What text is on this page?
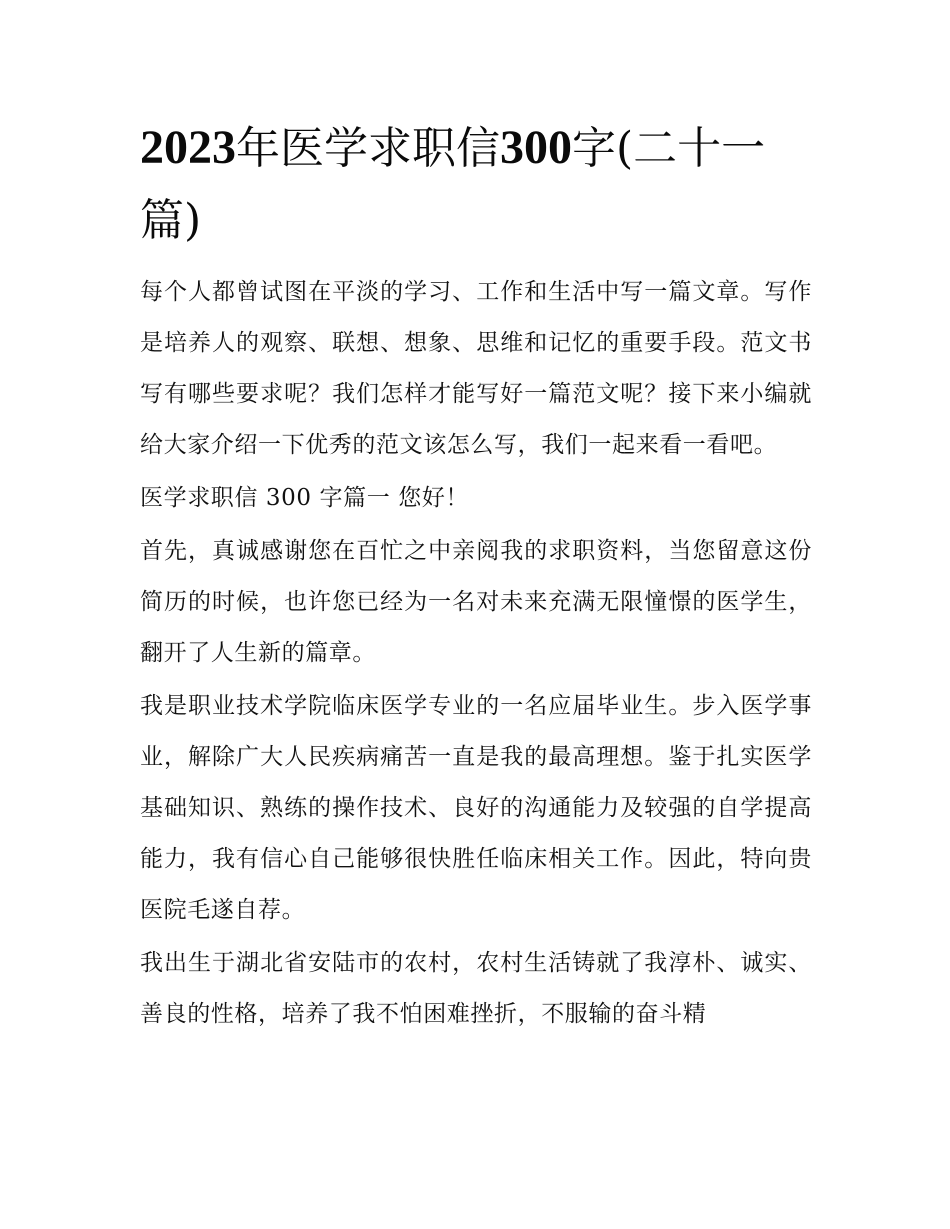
2023年医学求职信300字(二十一篇)

每个人都曾试图在平淡的学习、工作和生活中写一篇文章。写作是培养人的观察、联想、想象、思维和记忆的重要手段。范文书写有哪些要求呢？我们怎样才能写好一篇范文呢？接下来小编就给大家介绍一下优秀的范文该怎么写，我们一起来看一看吧。

医学求职信 300 字篇一 您好！

首先，真诚感谢您在百忙之中亲阅我的求职资料，当您留意这份简历的时候，也许您已经为一名对未来充满无限憧憬的医学生，翻开了人生新的篇章。

我是职业技术学院临床医学专业的一名应届毕业生。步入医学事业，解除广大人民疾病痛苦一直是我的最高理想。鉴于扎实医学基础知识、熟练的操作技术、良好的沟通能力及较强的自学提高能力，我有信心自己能够很快胜任临床相关工作。因此，特向贵医院毛遂自荐。

我出生于湖北省安陆市的农村，农村生活铸就了我淳朴、诚实、善良的性格，培养了我不怕困难挫折，不服输的奋斗精
